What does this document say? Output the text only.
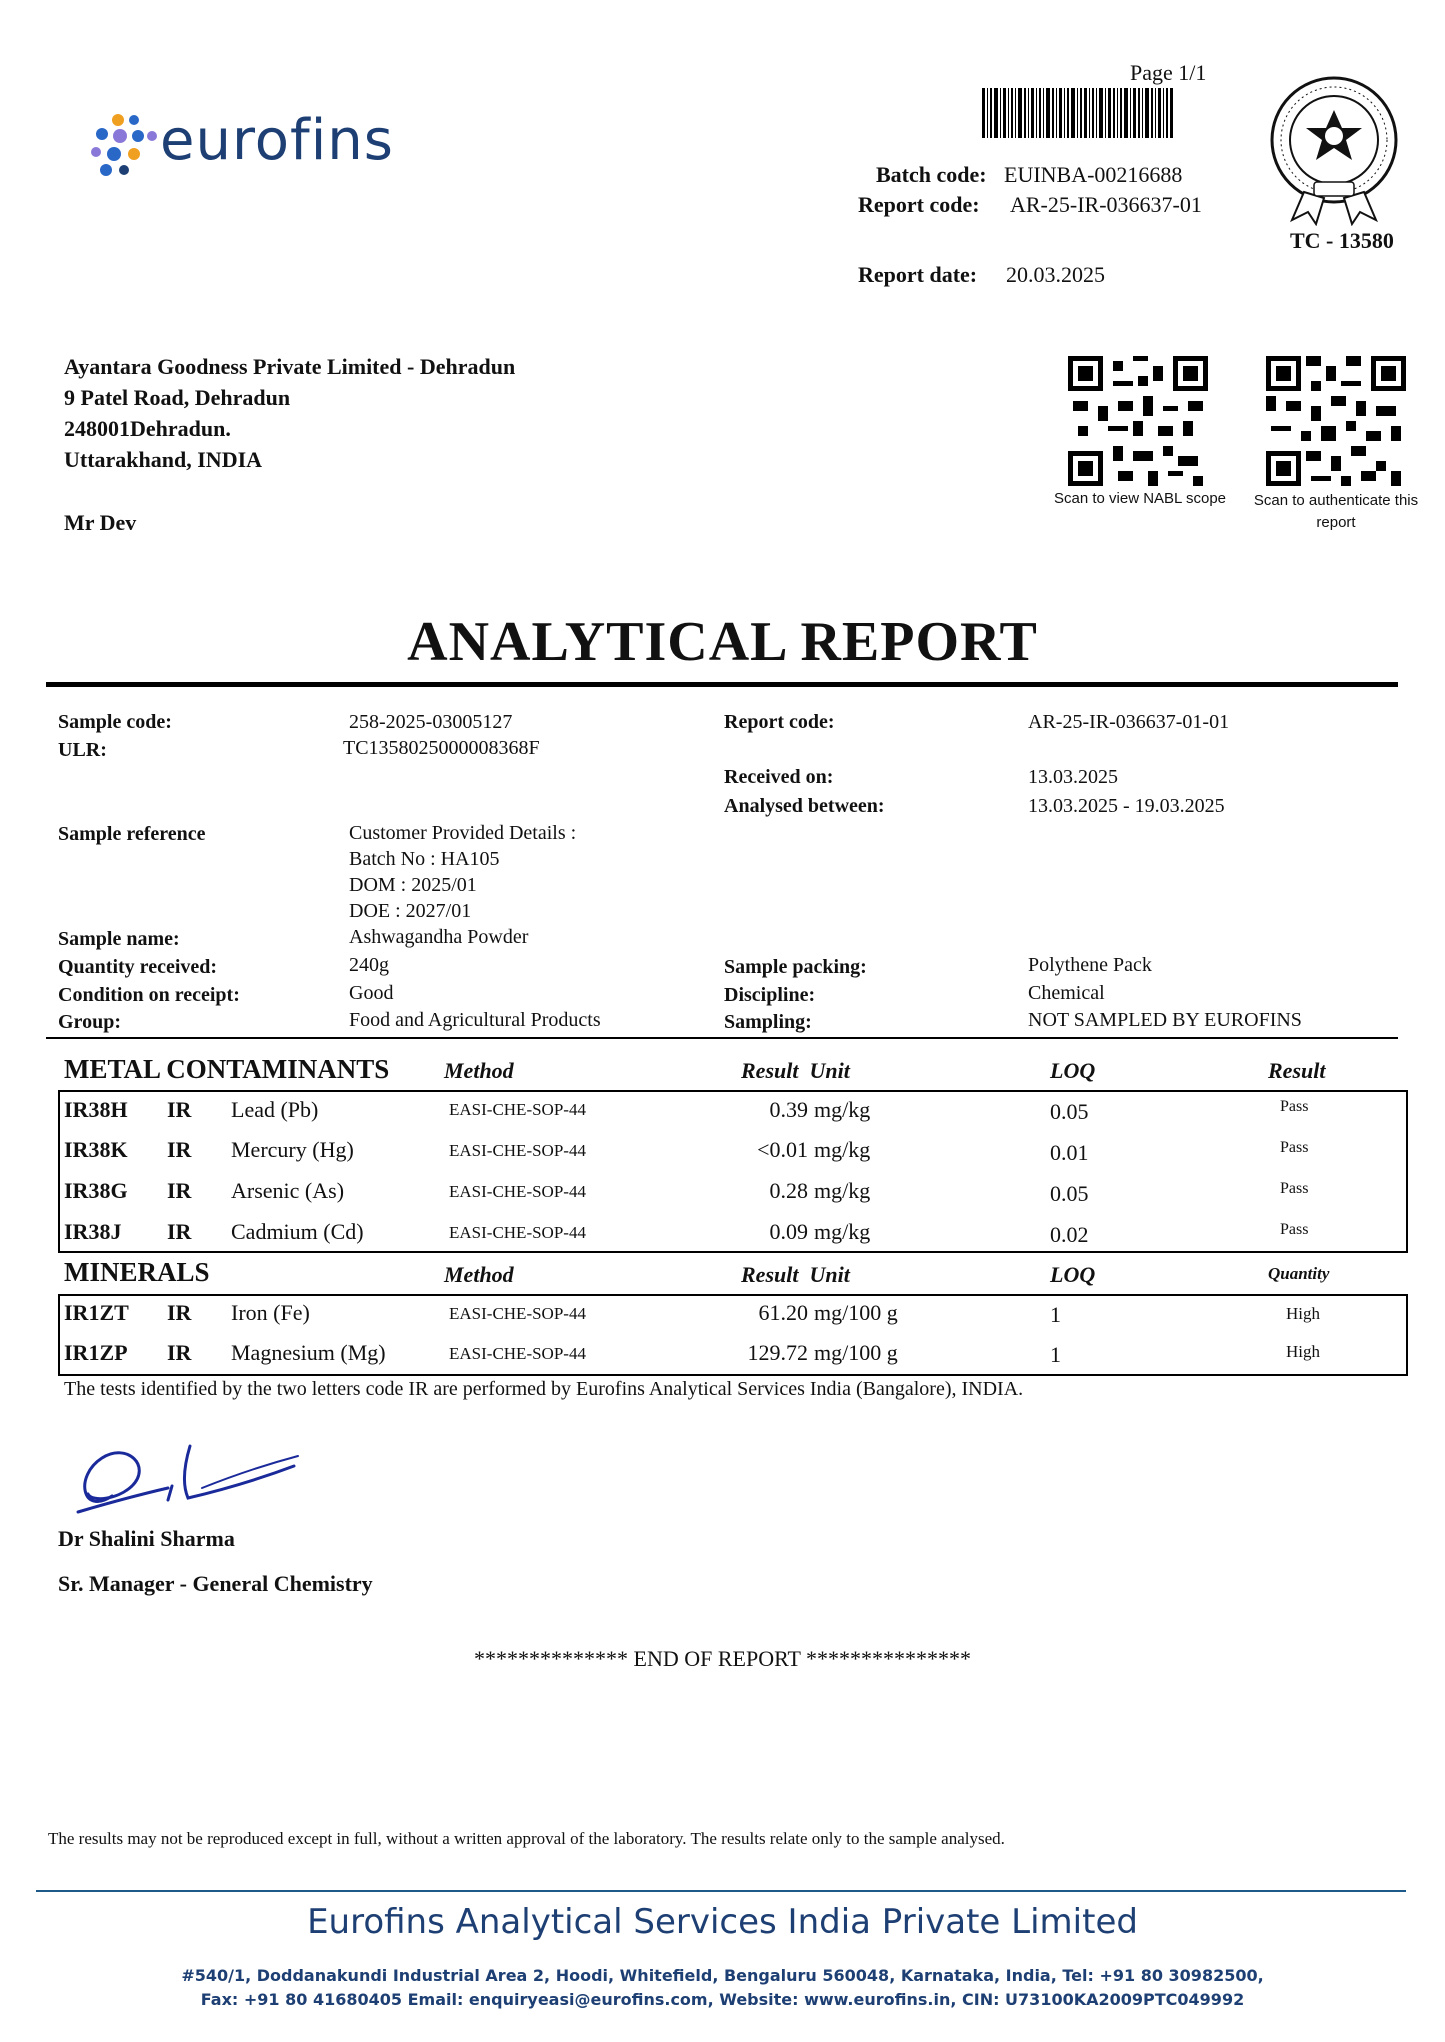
eurofins
Page 1/1
Batch code: EUINBA-00216688
Report code: AR-25-IR-036637-01
Report date: 20.03.2025
TC - 13580
Ayantara Goodness Private Limited - Dehradun
9 Patel Road, Dehradun
248001Dehradun.
Uttarakhand, INDIA
Mr Dev
Scan to view NABL scope	Scan to authenticate this report
ANALYTICAL REPORT
Sample code:	258-2025-03005127
ULR:	TC1358025000008368F
Report code:	AR-25-IR-036637-01-01
Received on:	13.03.2025
Analysed between:	13.03.2025 - 19.03.2025
Sample reference	Customer Provided Details :
Batch No : HA105
DOM : 2025/01
DOE : 2027/01
Sample name:	Ashwagandha Powder
Quantity received:	240g
Condition on receipt:	Good
Group:	Food and Agricultural Products
Sample packing:	Polythene Pack
Discipline:	Chemical
Sampling:	NOT SAMPLED BY EUROFINS
METAL CONTAMINANTS Method	Result  Unit	LOQ	Result
IR38H IR Lead (Pb)	EASI-CHE-SOP-44	0.39 mg/kg	0.05	Pass
IR38K IR Mercury (Hg)	EASI-CHE-SOP-44	<0.01 mg/kg	0.01	Pass
IR38G IR Arsenic (As)	EASI-CHE-SOP-44	0.28 mg/kg	0.05	Pass
IR38J IR Cadmium (Cd)	EASI-CHE-SOP-44	0.09 mg/kg	0.02	Pass
MINERALS	Method	Result  Unit	LOQ	Quantity
IR1ZT IR Iron (Fe)	EASI-CHE-SOP-44	61.20 mg/100 g	1	High
IR1ZP IR Magnesium (Mg)	EASI-CHE-SOP-44	129.72 mg/100 g	1	High
The tests identified by the two letters code IR are performed by Eurofins Analytical Services India (Bangalore), INDIA.
Dr Shalini Sharma
Sr. Manager - General Chemistry
************** END OF REPORT ***************
The results may not be reproduced except in full, without a written approval of the laboratory. The results relate only to the sample analysed.
Eurofins Analytical Services India Private Limited
#540/1, Doddanakundi Industrial Area 2, Hoodi, Whitefield, Bengaluru 560048, Karnataka, India, Tel: +91 80 30982500,
Fax: +91 80 41680405 Email: enquiryeasi@eurofins.com, Website: www.eurofins.in, CIN: U73100KA2009PTC049992
